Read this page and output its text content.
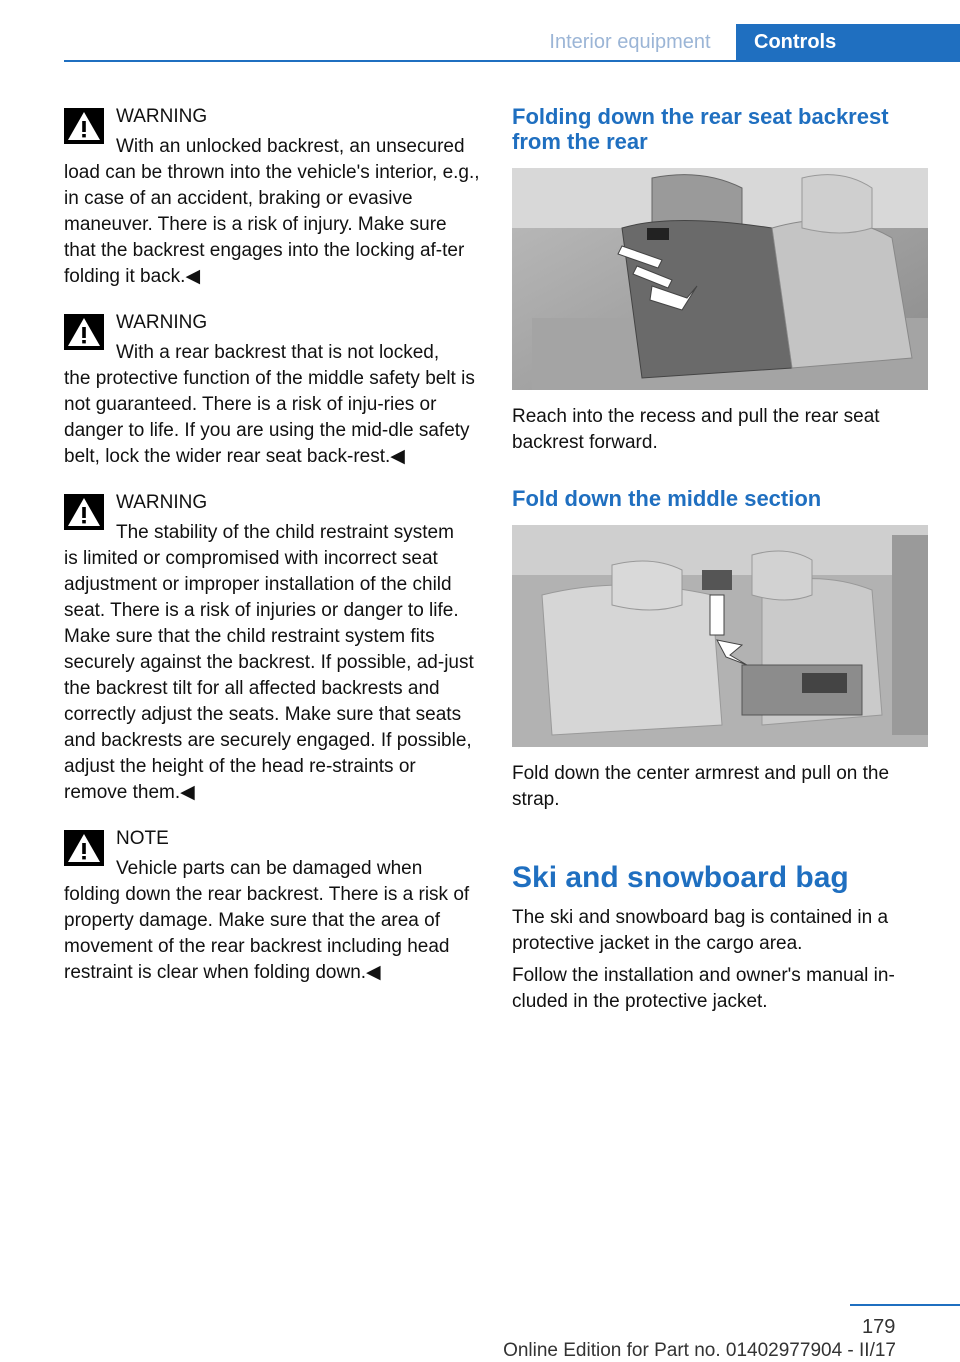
Interior equipment	Controls
WARNING

With an unlocked backrest, an unsecured
load can be thrown into the vehicle's interior, e.g., in case of an accident, braking or evasive maneuver. There is a risk of injury. Make sure that the backrest engages into the locking af-ter folding it back.◀

WARNING

With a rear backrest that is not locked,
the protective function of the middle safety belt is not guaranteed. There is a risk of inju-ries or danger to life. If you are using the mid-dle safety belt, lock the wider rear seat back-rest.◀

WARNING

The stability of the child restraint system
is limited or compromised with incorrect seat adjustment or improper installation of the child seat. There is a risk of injuries or danger to life. Make sure that the child restraint system fits securely against the backrest. If possible, ad-just the backrest tilt for all affected backrests and correctly adjust the seats. Make sure that seats and backrests are securely engaged. If possible, adjust the height of the head re-straints or remove them.◀

NOTE

Vehicle parts can be damaged when
folding down the rear backrest. There is a risk of property damage. Make sure that the area of movement of the rear backrest including head restraint is clear when folding down.◀

Folding down the rear seat backrest from the rear

Reach into the recess and pull the rear seat backrest forward.

Fold down the middle section

Fold down the center armrest and pull on the strap.

Ski and snowboard bag

The ski and snowboard bag is contained in a protective jacket in the cargo area.

Follow the installation and owner's manual in-cluded in the protective jacket.

179
Online Edition for Part no. 01402977904 - II/17
